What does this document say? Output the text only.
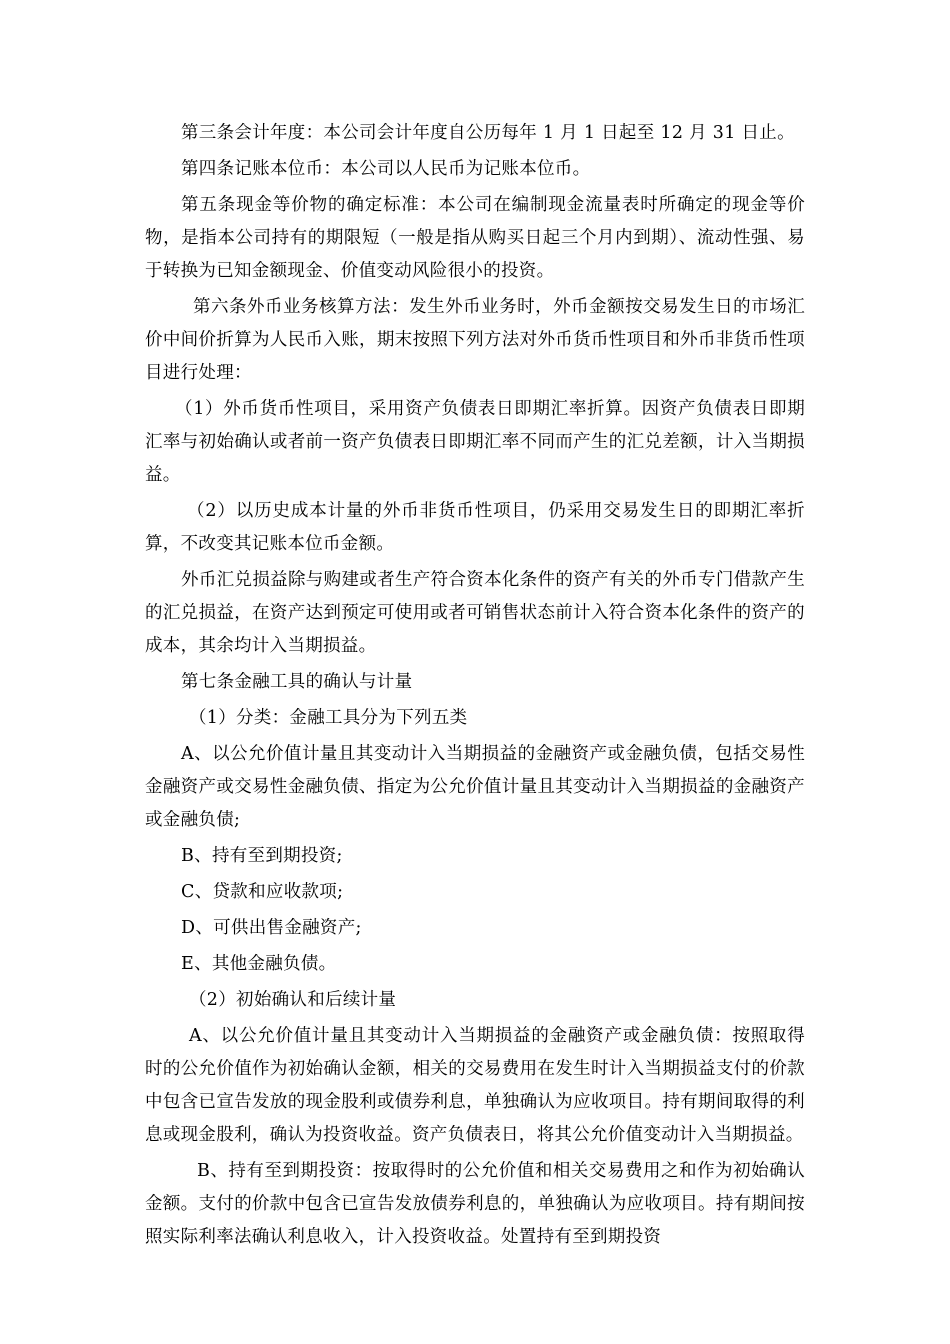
第三条会计年度：本公司会计年度自公历每年 1 月 1 日起至 12 月 31 日止。

第四条记账本位币：本公司以人民币为记账本位币。

第五条现金等价物的确定标准：本公司在编制现金流量表时所确定的现金等价物，是指本公司持有的期限短（一般是指从购买日起三个月内到期）、流动性强、易于转换为已知金额现金、价值变动风险很小的投资。

第六条外币业务核算方法：发生外币业务时，外币金额按交易发生日的市场汇价中间价折算为人民币入账，期末按照下列方法对外币货币性项目和外币非货币性项目进行处理：

（1）外币货币性项目，采用资产负债表日即期汇率折算。因资产负债表日即期汇率与初始确认或者前一资产负债表日即期汇率不同而产生的汇兑差额，计入当期损益。

（2）以历史成本计量的外币非货币性项目，仍采用交易发生日的即期汇率折算，不改变其记账本位币金额。

外币汇兑损益除与购建或者生产符合资本化条件的资产有关的外币专门借款产生的汇兑损益，在资产达到预定可使用或者可销售状态前计入符合资本化条件的资产的成本，其余均计入当期损益。

第七条金融工具的确认与计量

（1）分类：金融工具分为下列五类

A、以公允价值计量且其变动计入当期损益的金融资产或金融负债，包括交易性金融资产或交易性金融负债、指定为公允价值计量且其变动计入当期损益的金融资产或金融负债;

B、持有至到期投资;

C、贷款和应收款项;

D、可供出售金融资产;

E、其他金融负债。

（2）初始确认和后续计量

A、以公允价值计量且其变动计入当期损益的金融资产或金融负债：按照取得时的公允价值作为初始确认金额，相关的交易费用在发生时计入当期损益支付的价款中包含已宣告发放的现金股利或债券利息，单独确认为应收项目。持有期间取得的利息或现金股利，确认为投资收益。资产负债表日，将其公允价值变动计入当期损益。

B、持有至到期投资：按取得时的公允价值和相关交易费用之和作为初始确认金额。支付的价款中包含已宣告发放债券利息的，单独确认为应收项目。持有期间按照实际利率法确认利息收入，计入投资收益。处置持有至到期投资
